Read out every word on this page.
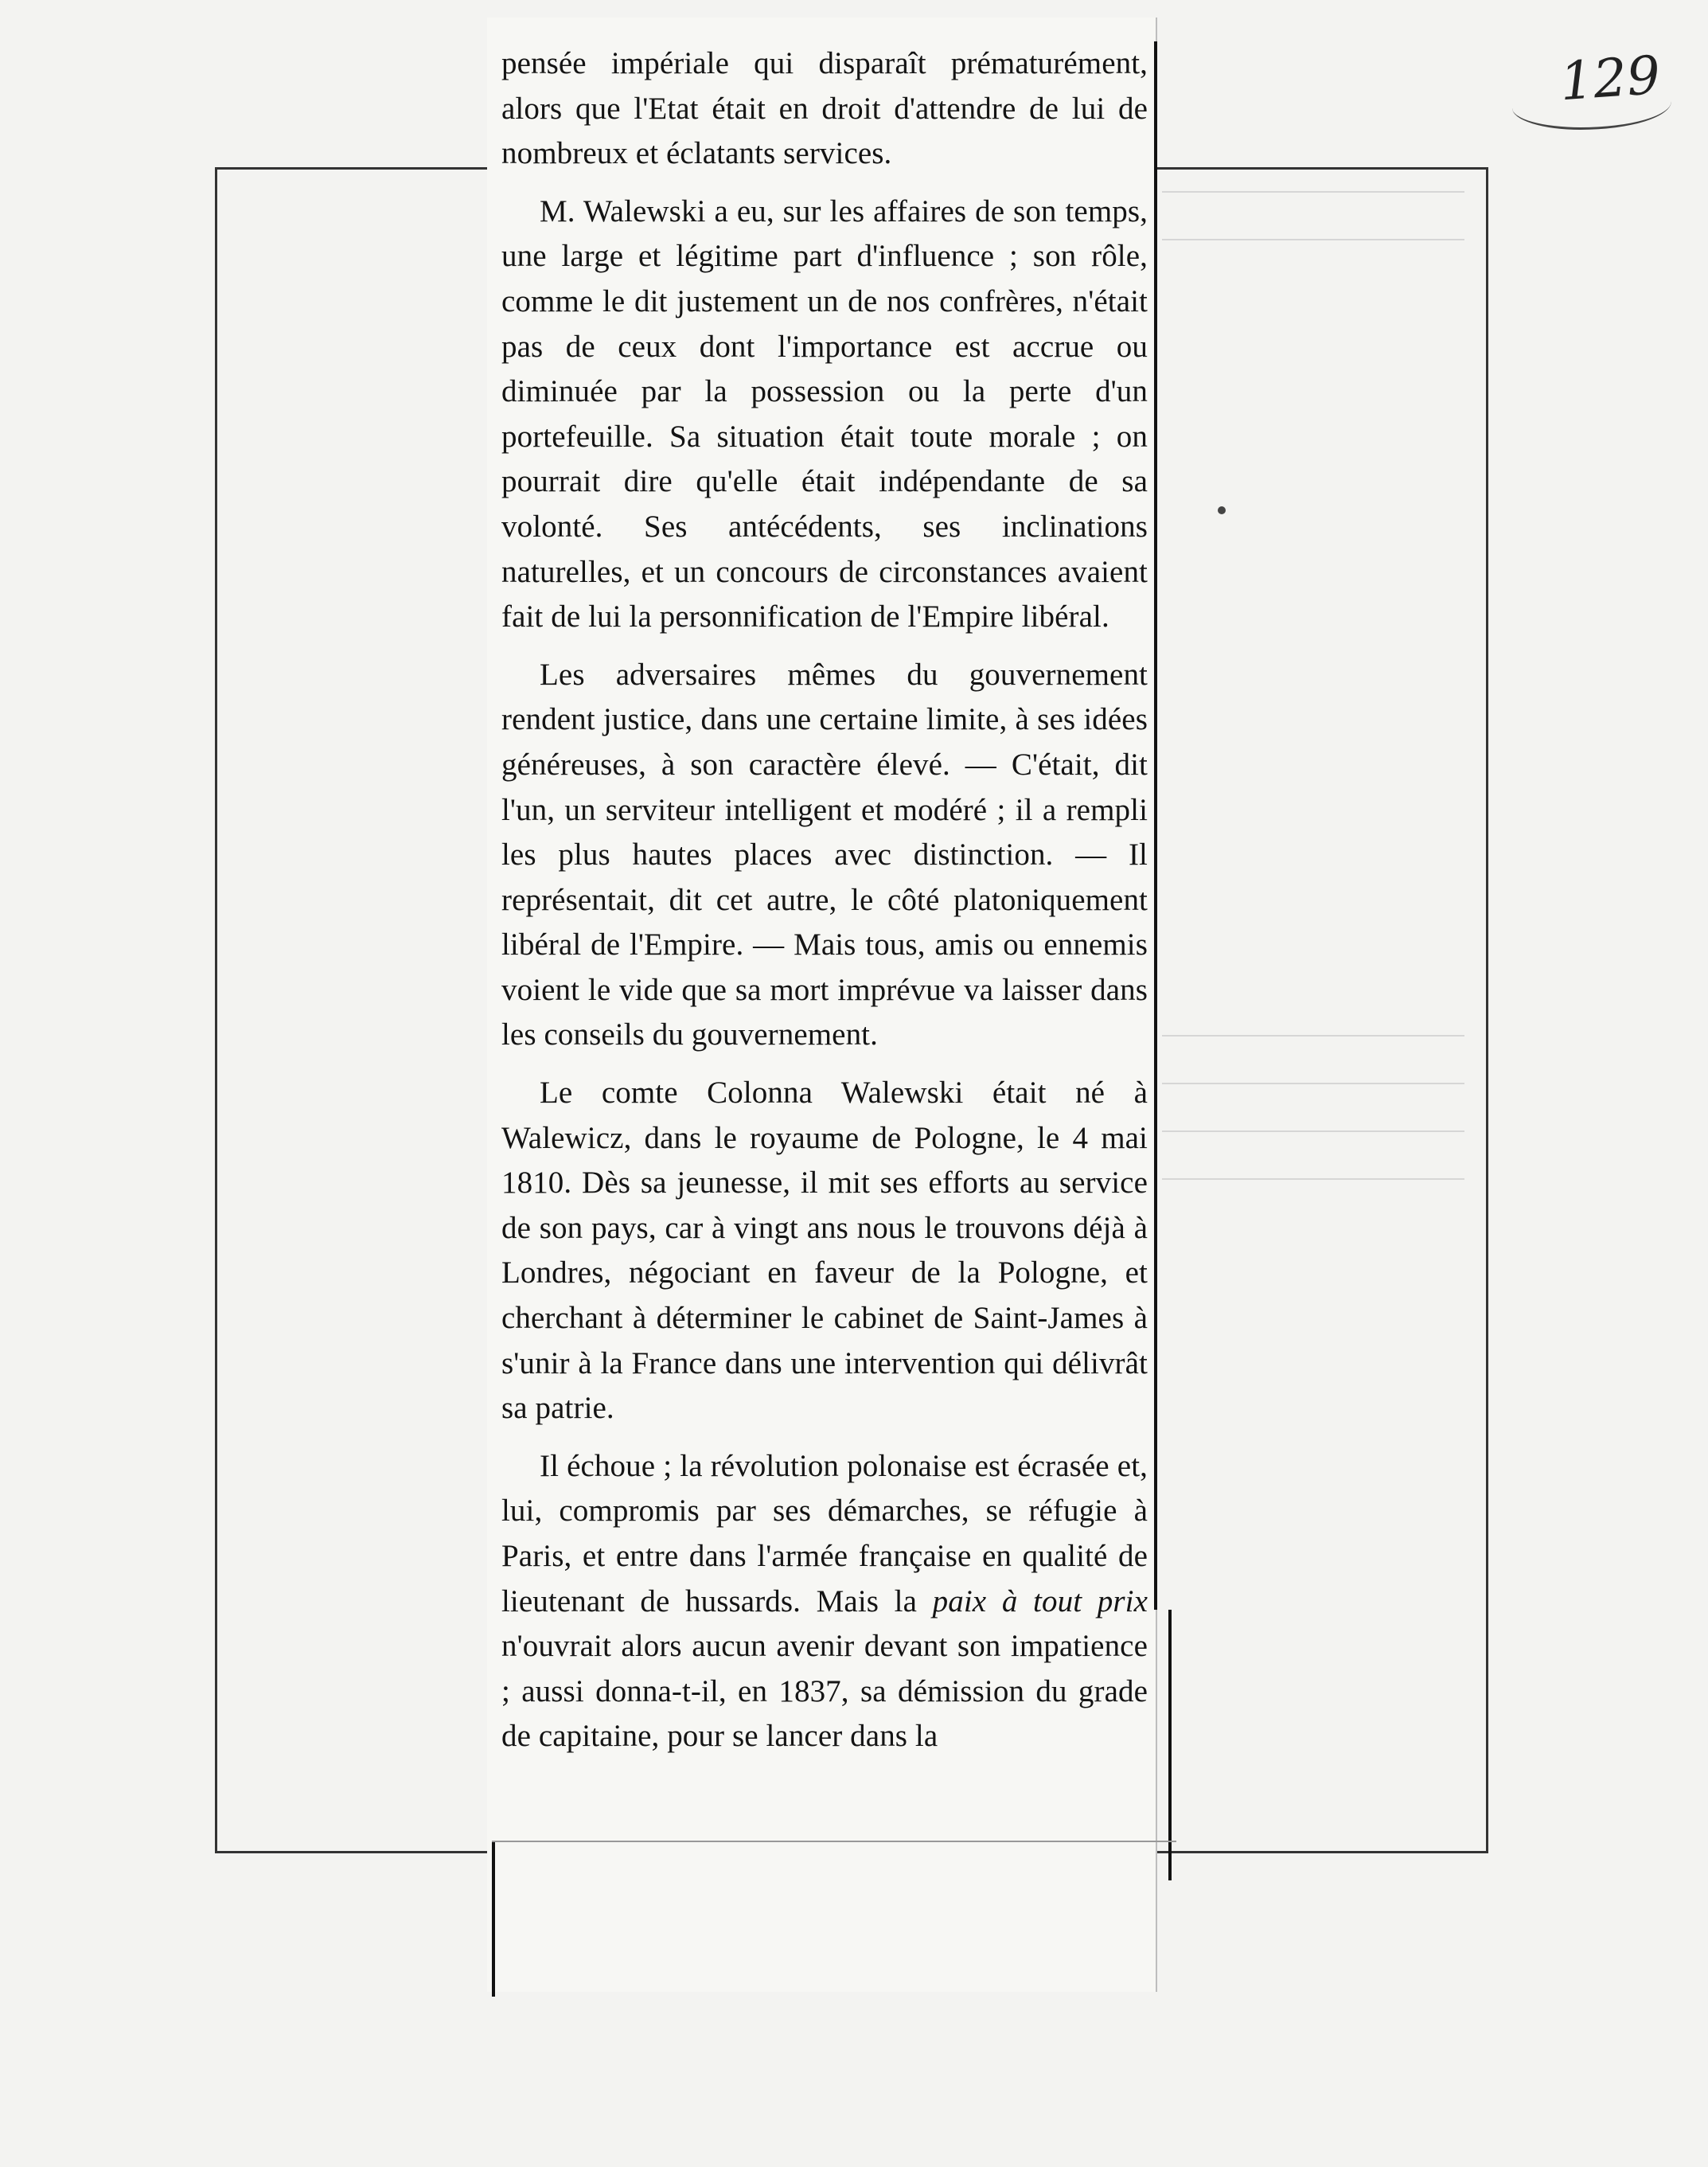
129

pensée impériale qui disparaît prématurément, alors que l'Etat était en droit d'attendre de lui de nombreux et éclatants services.

M. Walewski a eu, sur les affaires de son temps, une large et légitime part d'influence ; son rôle, comme le dit justement un de nos confrères, n'était pas de ceux dont l'importance est accrue ou diminuée par la possession ou la perte d'un portefeuille. Sa situation était toute morale ; on pourrait dire qu'elle était indépendante de sa volonté. Ses antécédents, ses inclinations naturelles, et un concours de circonstances avaient fait de lui la personnification de l'Empire libéral.

Les adversaires mêmes du gouvernement rendent justice, dans une certaine limite, à ses idées généreuses, à son caractère élevé. — C'était, dit l'un, un serviteur intelligent et modéré ; il a rempli les plus hautes places avec distinction. — Il représentait, dit cet autre, le côté platoniquement libéral de l'Empire. — Mais tous, amis ou ennemis voient le vide que sa mort imprévue va laisser dans les conseils du gouvernement.

Le comte Colonna Walewski était né à Walewicz, dans le royaume de Pologne, le 4 mai 1810. Dès sa jeunesse, il mit ses efforts au service de son pays, car à vingt ans nous le trouvons déjà à Londres, négociant en faveur de la Pologne, et cherchant à déterminer le cabinet de Saint-James à s'unir à la France dans une intervention qui délivrât sa patrie.

Il échoue ; la révolution polonaise est écrasée et, lui, compromis par ses démarches, se réfugie à Paris, et entre dans l'armée française en qualité de lieutenant de hussards. Mais la paix à tout prix n'ouvrait alors aucun avenir devant son impatience ; aussi donna-t-il, en 1837, sa démission du grade de capitaine, pour se lancer dans la
